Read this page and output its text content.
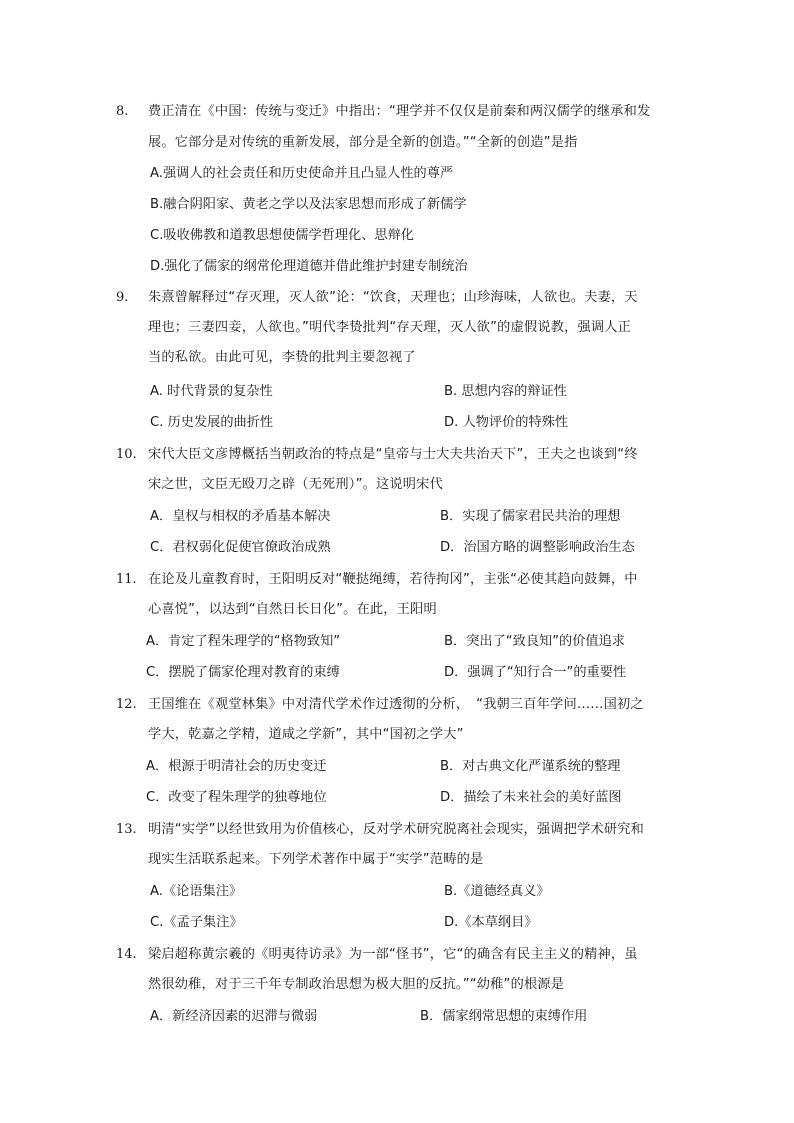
8.	费正清在《中国：传统与变迁》中指出：“理学并不仅仅是前秦和两汉儒学的继承和发
展。它部分是对传统的重新发展，部分是全新的创造。”“全新的创造”是指
A.强调人的社会责任和历史使命并且凸显人性的尊严
B.融合阴阳家、黄老之学以及法家思想而形成了新儒学
C.吸收佛教和道教思想使儒学哲理化、思辩化
D.强化了儒家的纲常伦理道德并借此维护封建专制统治
9.	朱熹曾解释过“存灭理，灭人欲”论：“饮食，天理也；山珍海味，人欲也。夫妻，天
理也；三妻四妾，人欲也。”明代李贽批判“存天理，灭人欲”的虚假说教，强调人正
当的私欲。由此可见，李贽的批判主要忽视了
A. 时代背景的复杂性	B. 思想内容的辩证性
C. 历史发展的曲折性	D. 人物评价的特殊性
10. 宋代大臣文彦博概括当朝政治的特点是“皇帝与士大夫共治天下”，王夫之也谈到“终
宋之世，文臣无殴刀之辟（无死刑）”。这说明宋代
A．皇权与相权的矛盾基本解决	B．实现了儒家君民共治的理想
C．君权弱化促使官僚政治成熟	D．治国方略的调整影响政治生态
11. 在论及儿童教育时，王阳明反对“鞭挞绳缚，若待拘冈”，主张“必使其趋向鼓舞，中
心喜悦”，以达到“自然日长日化”。在此，王阳明
A．肯定了程朱理学的“格物致知”	B．突出了“致良知”的价值追求
C．摆脱了儒家伦理对教育的束缚	D．强调了“知行合一”的重要性
12. 王国维在《观堂林集》中对清代学术作过透彻的分析，　“我朝三百年学问……国初之
学大，乾嘉之学精，道咸之学新”，其中“国初之学大”
A．根源于明清社会的历史变迁	B．对古典文化严谨系统的整理
C．改变了程朱理学的独尊地位	D．描绘了未来社会的美好蓝图
13. 明清“实学”以经世致用为价值核心，反对学术研究脱离社会现实，强调把学术研究和
现实生活联系起来。下列学术著作中属于“实学”范畴的是
A.《论语集注》	B.《道德经真义》
C.《孟子集注》	D.《本草纲目》
14. 梁启超称黄宗羲的《明夷待访录》为一部“怪书”，它“的确含有民主主义的精神，虽
然很幼稚，对于三千年专制政治思想为极大胆的反抗。”“幼稚”的根源是
A．新经济因素的迟滞与微弱	B．儒家纲常思想的束缚作用
